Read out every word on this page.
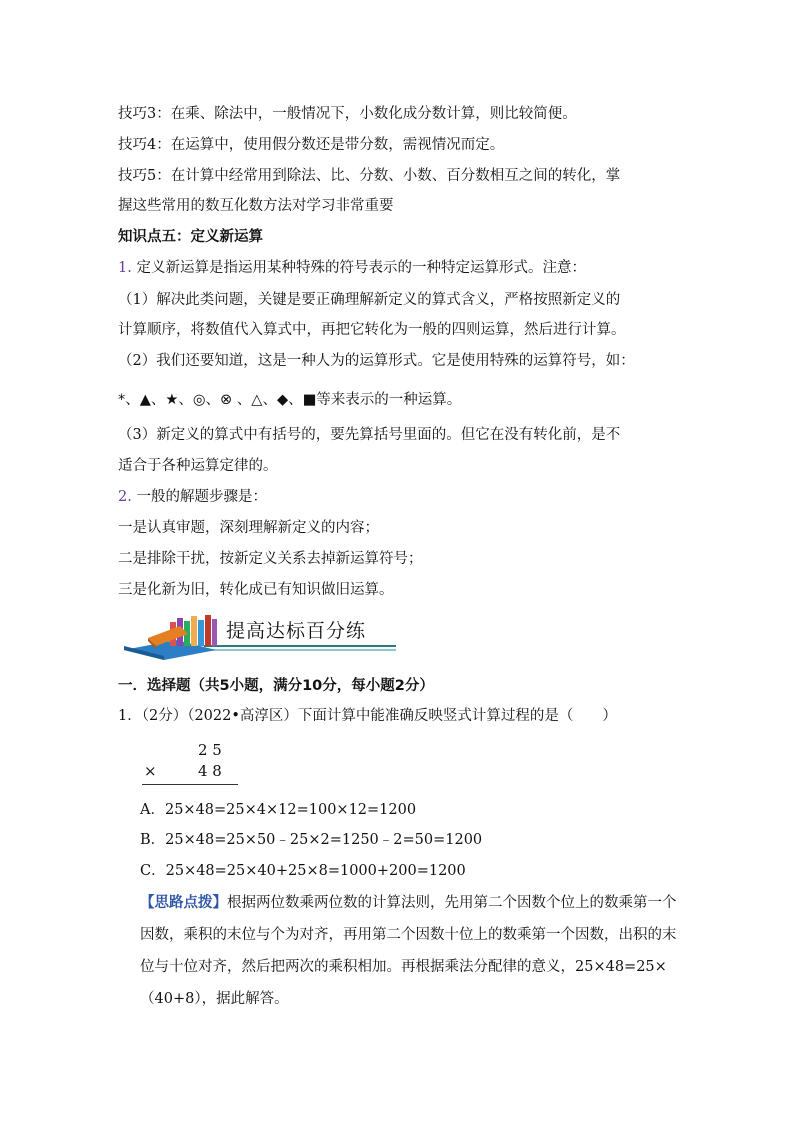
技巧3：在乘、除法中，一般情况下，小数化成分数计算，则比较简便。
技巧4：在运算中，使用假分数还是带分数，需视情况而定。
技巧5：在计算中经常用到除法、比、分数、小数、百分数相互之间的转化，掌
握这些常用的数互化数方法对学习非常重要
知识点五：定义新运算
1. 定义新运算是指运用某种特殊的符号表示的一种特定运算形式。注意：
（1）解决此类问题，关键是要正确理解新定义的算式含义，严格按照新定义的
计算顺序，将数值代入算式中，再把它转化为一般的四则运算，然后进行计算。
（2）我们还要知道，这是一种人为的运算形式。它是使用特殊的运算符号，如：
*、▲、★、◎、⊗ 、△、◆、■等来表示的一种运算。
（3）新定义的算式中有括号的，要先算括号里面的。但它在没有转化前，是不
适合于各种运算定律的。
2. 一般的解题步骤是：
一是认真审题，深刻理解新定义的内容；
二是排除干扰，按新定义关系去掉新运算符号；
三是化新为旧，转化成已有知识做旧运算。
提高达标百分练
一．选择题（共5小题，满分10分，每小题2分）
1．（2分）（2022•高淳区）下面计算中能准确反映竖式计算过程的是（　　）
2 5
×	4 8
A．25×48=25×4×12=100×12=1200
B．25×48=25×50﹣25×2=1250﹣2=50=1200
C．25×48=25×40+25×8=1000+200=1200
【思路点拨】根据两位数乘两位数的计算法则，先用第二个因数个位上的数乘第一个
因数，乘积的末位与个为对齐，再用第二个因数十位上的数乘第一个因数，出积的末
位与十位对齐，然后把两次的乘积相加。再根据乘法分配律的意义，25×48=25×
（40+8），据此解答。
